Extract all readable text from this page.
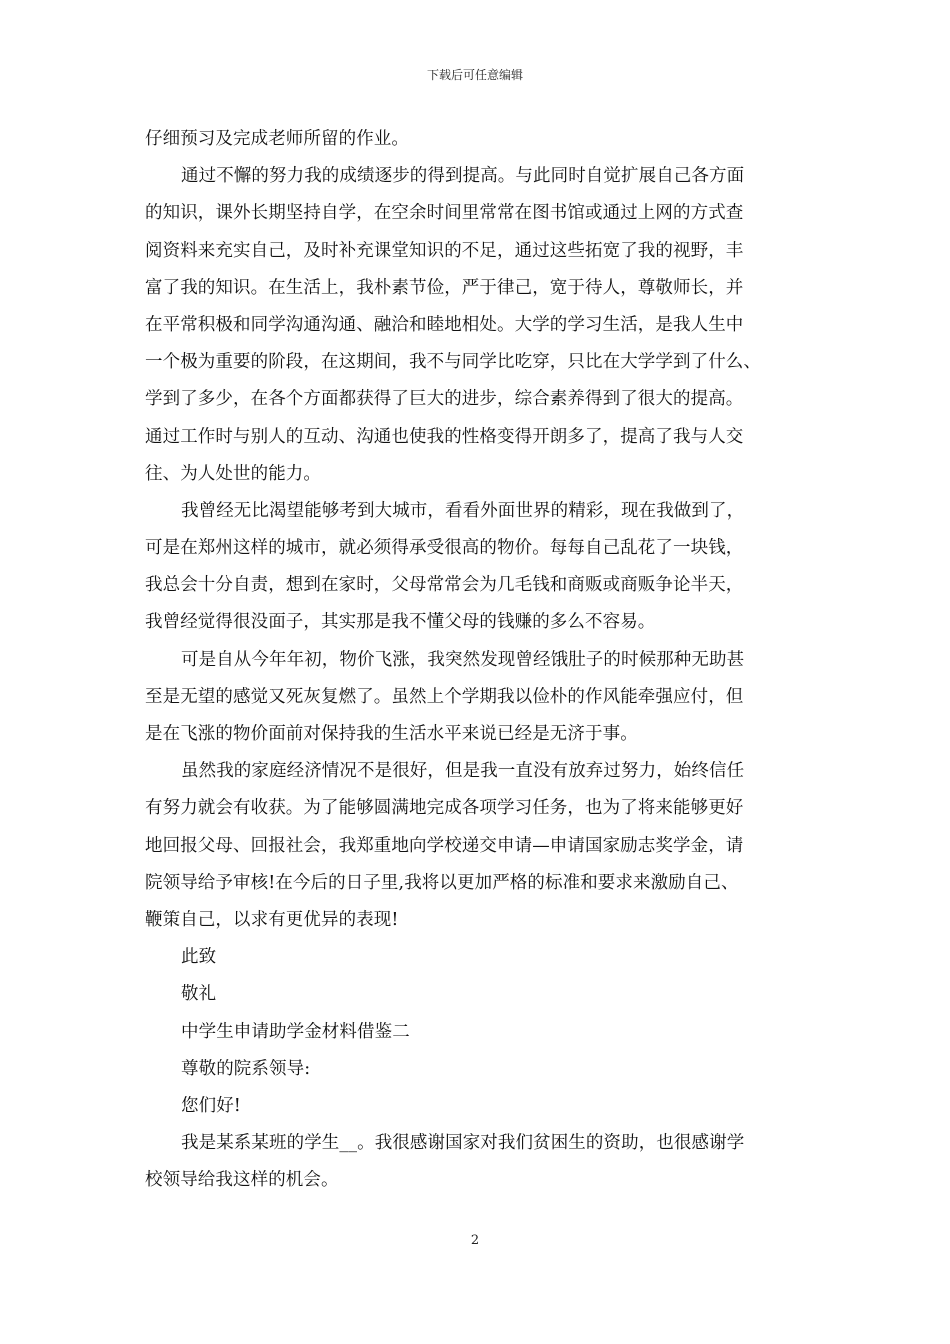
下载后可任意编辑
仔细预习及完成老师所留的作业。
通过不懈的努力我的成绩逐步的得到提高。与此同时自觉扩展自己各方面
的知识，课外长期坚持自学，在空余时间里常常在图书馆或通过上网的方式查
阅资料来充实自己，及时补充课堂知识的不足，通过这些拓宽了我的视野，丰
富了我的知识。在生活上，我朴素节俭，严于律己，宽于待人，尊敬师长，并
在平常积极和同学沟通沟通、融洽和睦地相处。大学的学习生活，是我人生中
一个极为重要的阶段，在这期间，我不与同学比吃穿，只比在大学学到了什么、
学到了多少，在各个方面都获得了巨大的进步，综合素养得到了很大的提高。
通过工作时与别人的互动、沟通也使我的性格变得开朗多了，提高了我与人交
往、为人处世的能力。
我曾经无比渴望能够考到大城市，看看外面世界的精彩，现在我做到了，
可是在郑州这样的城市，就必须得承受很高的物价。每每自己乱花了一块钱，
我总会十分自责，想到在家时，父母常常会为几毛钱和商贩或商贩争论半天，
我曾经觉得很没面子，其实那是我不懂父母的钱赚的多么不容易。
可是自从今年年初，物价飞涨，我突然发现曾经饿肚子的时候那种无助甚
至是无望的感觉又死灰复燃了。虽然上个学期我以俭朴的作风能牵强应付，但
是在飞涨的物价面前对保持我的生活水平来说已经是无济于事。
虽然我的家庭经济情况不是很好，但是我一直没有放弃过努力，始终信任
有努力就会有收获。为了能够圆满地完成各项学习任务，也为了将来能够更好
地回报父母、回报社会，我郑重地向学校递交申请—申请国家励志奖学金，请
院领导给予审核!在今后的日子里,我将以更加严格的标准和要求来激励自己、
鞭策自己，以求有更优异的表现!
此致
敬礼
中学生申请助学金材料借鉴二
尊敬的院系领导:
您们好!
我是某系某班的学生__。我很感谢国家对我们贫困生的资助，也很感谢学
校领导给我这样的机会。
2
